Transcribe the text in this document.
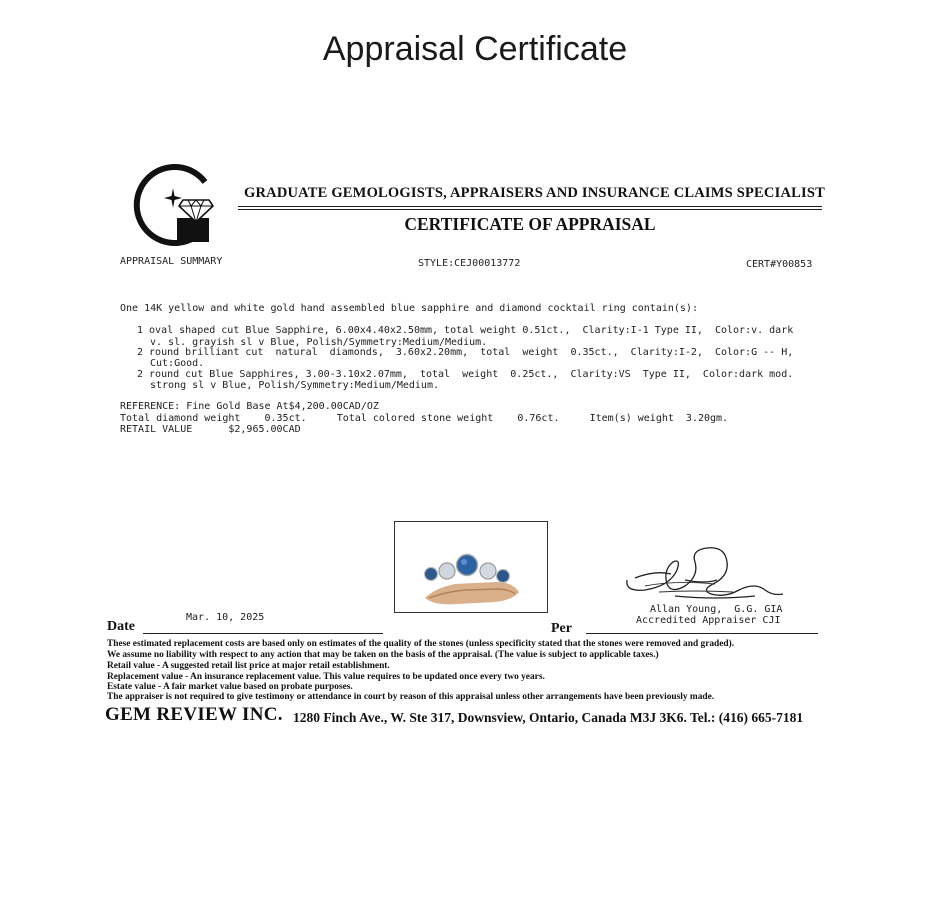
Appraisal Certificate
GRADUATE GEMOLOGISTS, APPRAISERS AND INSURANCE CLAIMS SPECIALIST
CERTIFICATE OF APPRAISAL
APPRAISAL SUMMARY	STYLE:CEJ00013772	CERT#Y00853
One 14K yellow and white gold hand assembled blue sapphire and diamond cocktail ring contain(s):
1 oval shaped cut Blue Sapphire, 6.00x4.40x2.50mm, total weight 0.51ct.,  Clarity:I-1 Type II,  Color:v. dark
v. sl. grayish sl v Blue, Polish/Symmetry:Medium/Medium.
2 round brilliant cut  natural  diamonds,  3.60x2.20mm,  total  weight  0.35ct.,  Clarity:I-2,  Color:G -- H,
Cut:Good.
2 round cut Blue Sapphires, 3.00-3.10x2.07mm,  total  weight  0.25ct.,  Clarity:VS  Type II,  Color:dark mod.
strong sl v Blue, Polish/Symmetry:Medium/Medium.
REFERENCE: Fine Gold Base At$4,200.00CAD/OZ
Total diamond weight    0.35ct.     Total colored stone weight    0.76ct.     Item(s) weight  3.20gm.
RETAIL VALUE      $2,965.00CAD
Allan Young,  G.G. GIA
Accredited Appraiser CJI
Date
Mar. 10, 2025
Per
These estimated replacement costs are based only on estimates of the quality of the stones (unless specificity stated that the stones were removed and graded).
We assume no liability with respect to any action that may be taken on the basis of the appraisal. (The value is subject to applicable taxes.)
Retail value - A suggested retail list price at major retail establishment.
Replacement value - An insurance replacement value. This value requires to be updated once every two years.
Estate value - A fair market value based on probate purposes.
The appraiser is not required to give testimony or attendance in court by reason of this appraisal unless other arrangements have been previously made.
GEM REVIEW INC. 1280 Finch Ave., W. Ste 317, Downsview, Ontario, Canada M3J 3K6. Tel.: (416) 665-7181
